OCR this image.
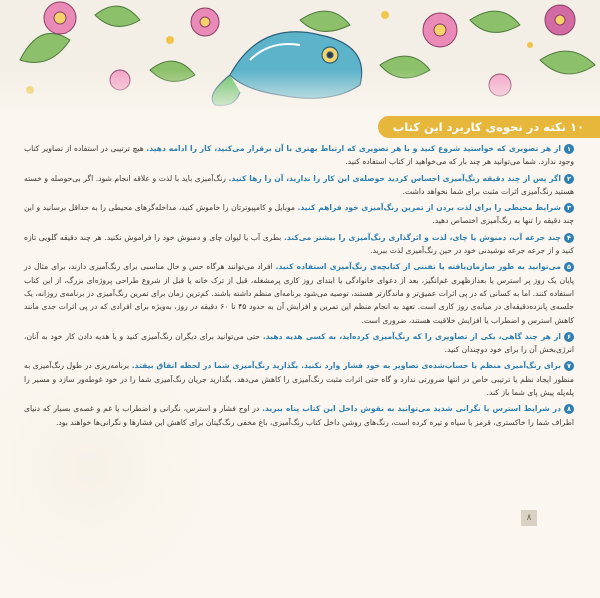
۱۰ نکته در نحوه‌ی کاربرد این کتاب

۱از هر تصویری که خواستید شروع کنید و با هر تصویری که ارتباط بهتری با آن برقرار می‌کنید، کار را ادامه دهید. هیچ ترتیبی در استفاده از تصاویر کتاب وجود ندارد. شما می‌توانید هر چند بار که می‌خواهید از کتاب استفاده کنید.

۲اگر پس از چند دقیقه رنگ‌آمیزی احساس کردید حوصله‌ی این کار را ندارید، آن را رها کنید. رنگ‌آمیزی باید با لذت و علاقه انجام شود. اگر بی‌حوصله و خسته هستید رنگ‌آمیزی اثرات مثبت برای شما نخواهد داشت.

۳شرایط محیطی را برای لذت بردن از تمرین رنگ‌آمیزی خود فراهم کنید. موبایل و کامپیوترتان را خاموش کنید، مداخله‌گرهای محیطی را به حداقل برسانید و این چند دقیقه را تنها به رنگ‌آمیزی اختصاص دهید.

۴چند جرعه آب، دمنوش یا چای، لذت و اثرگذاری رنگ‌آمیزی را بیشتر می‌کند. بطری آب یا لیوان چای و دمنوش خود را فراموش نکنید. هر چند دقیقه گلویی تازه کنید و از جرعه جرعه نوشیدنی خود در حین رنگ‌آمیزی لذت ببرید.

۵می‌توانید به طور سازمان‌یافته یا تفننی از کتابچه‌ی رنگ‌آمیزی استفاده کنید. افراد می‌توانند هرگاه حس و حال مناسبی برای رنگ‌آمیزی دارند، برای مثال در پایان یک روز پر استرس یا بعدازظهری غم‌انگیز، بعد از دعوای خانوادگی یا ابتدای روز کاری پرمشغله، قبل از ترک خانه یا قبل از شروع طراحی پروژه‌ای بزرگ، از این کتاب استفاده کنند. اما به کسانی که در پی اثرات عمیق‌تر و ماندگارتر هستند، توصیه می‌شود برنامه‌ای منظم داشته باشند. کم‌ترین زمان برای تمرین رنگ‌آمیزی در برنامه‌ی روزانه، یک جلسه‌ی پانزده‌دقیقه‌ای در میانه‌ی روز کاری است. تعهد به انجام منظم این تمرین و افزایش آن به حدود ۴۵ تا ۶۰ دقیقه در روز، به‌ویژه برای افرادی که در پی اثرات جدی مانند کاهش استرس و اضطراب یا افزایش خلاقیت هستند، ضروری است.

۶از هر چند گاهی، یکی از تصاویری را که رنگ‌آمیزی کرده‌اید، به کسی هدیه دهید. حتی می‌توانید برای دیگران رنگ‌آمیزی کنید و یا هدیه دادن کار خود به آنان، انرژی‌بخش آن را برای خود دوچندان کنید.

۷برای رنگ‌آمیزی منظم با حساب‌شده‌ی تصاویر به خود فشار وارد نکنید. بگذارید رنگ‌آمیزی شما در لحظه اتفاق بیفتد. برنامه‌ریزی در طول رنگ‌آمیزی به منظور ایجاد نظم یا ترتیبی خاص در انتها ضرورتی ندارد و گاه حتی اثرات مثبت رنگ‌آمیزی را کاهش می‌دهد. بگذارید جریان رنگ‌آمیزی شما را در خود غوطه‌ور سازد و مسیر را پله‌پله پیش پای شما باز کند.

۸در شرایط استرس یا نگرانی شدید می‌توانید به نقوش داخل این کتاب پناه ببرید. در اوج فشار و استرس، نگرانی و اضطراب یا غم و غصه‌ی بسیار که دنیای اطراف شما را خاکستری، قرمز یا سیاه و تیره کرده است، رنگ‌های روشن داخل کتاب رنگ‌آمیزی، باغ مخفی رنگ‌گیتان برای کاهش این فشارها و نگرانی‌ها خواهند بود.

۸
